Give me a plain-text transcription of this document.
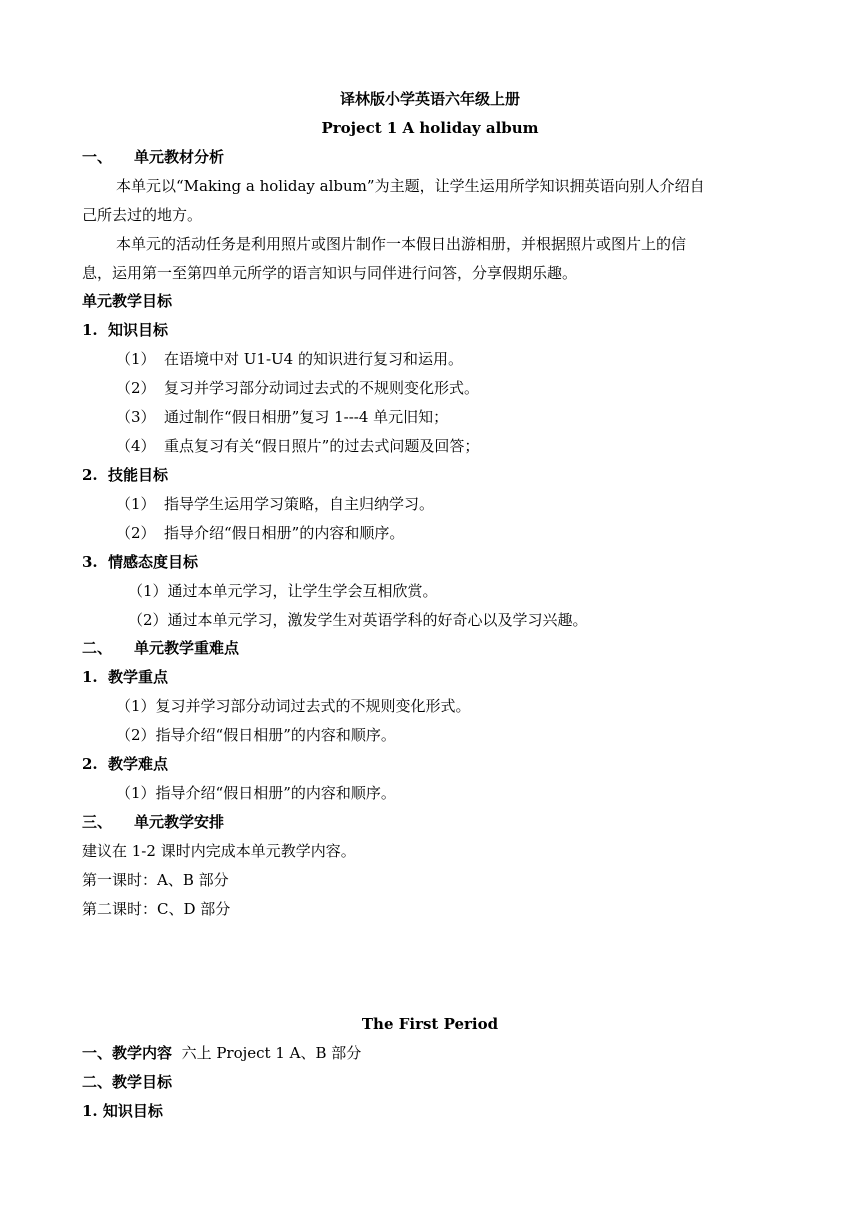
译林版小学英语六年级上册
Project 1 A holiday album
一、 单元教材分析
本单元以“Making a holiday album”为主题，让学生运用所学知识拥英语向别人介绍自
己所去过的地方。
本单元的活动任务是利用照片或图片制作一本假日出游相册，并根据照片或图片上的信
息，运用第一至第四单元所学的语言知识与同伴进行问答，分享假期乐趣。
单元教学目标
1. 知识目标
（1） 在语境中对 U1-U4 的知识进行复习和运用。
（2） 复习并学习部分动词过去式的不规则变化形式。
（3） 通过制作“假日相册”复习 1---4 单元旧知；
（4） 重点复习有关“假日照片”的过去式问题及回答；
2. 技能目标
（1） 指导学生运用学习策略，自主归纳学习。
（2） 指导介绍“假日相册”的内容和顺序。
3. 情感态度目标
（1）通过本单元学习，让学生学会互相欣赏。
（2）通过本单元学习，激发学生对英语学科的好奇心以及学习兴趣。
二、 单元教学重难点
1. 教学重点
（1）复习并学习部分动词过去式的不规则变化形式。
（2）指导介绍“假日相册”的内容和顺序。
2. 教学难点
（1）指导介绍“假日相册”的内容和顺序。
三、 单元教学安排
建议在 1-2 课时内完成本单元教学内容。
第一课时：A、B 部分
第二课时：C、D 部分
The First Period
一、教学内容 六上 Project 1 A、B 部分
二、教学目标
1. 知识目标
